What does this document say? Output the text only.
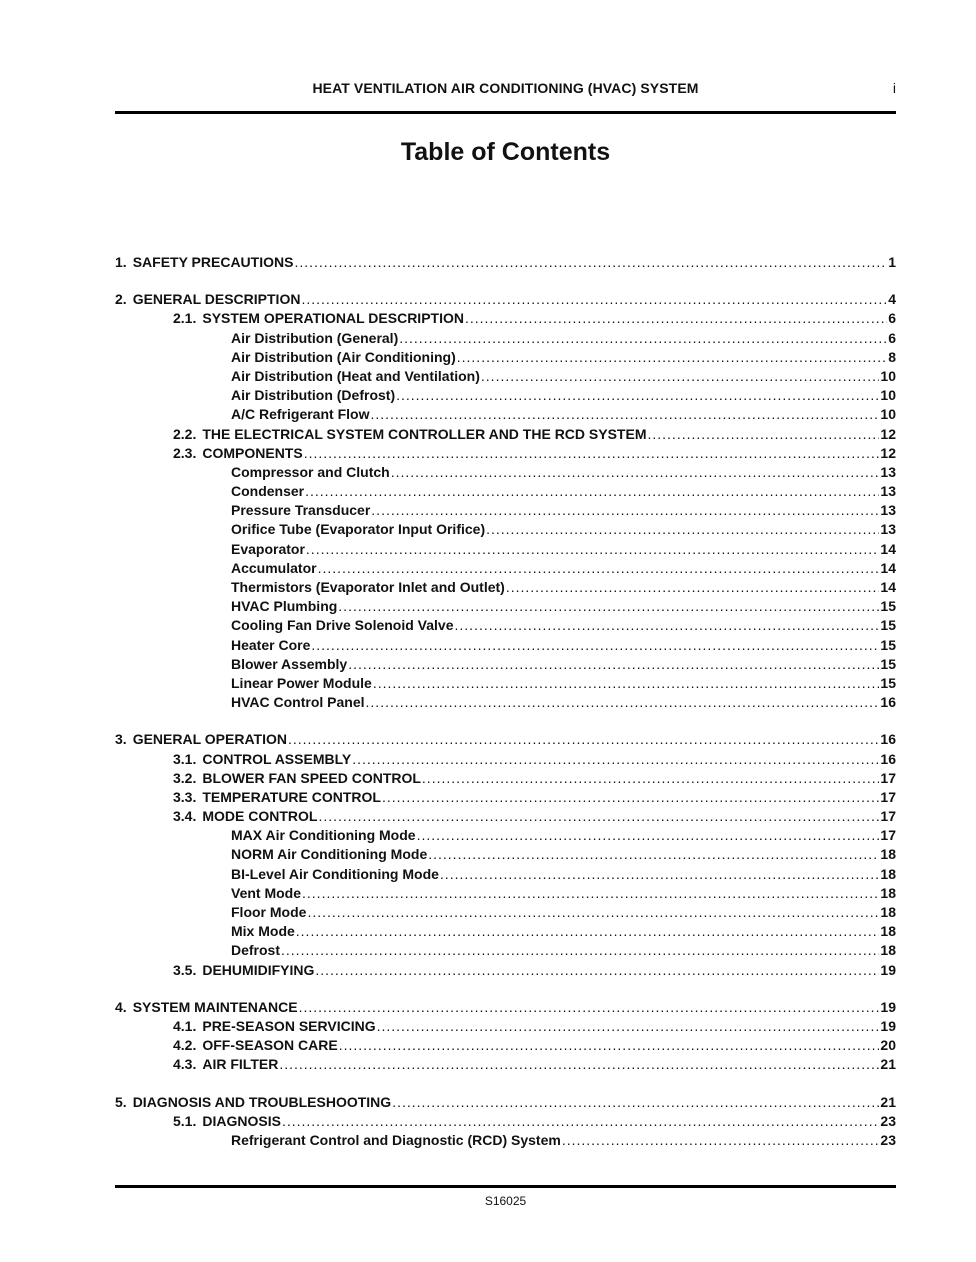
HEAT VENTILATION AIR CONDITIONING (HVAC) SYSTEM	i
Table of Contents
1. SAFETY PRECAUTIONS .....	1
2. GENERAL DESCRIPTION .....	4
2.1. SYSTEM OPERATIONAL DESCRIPTION .....	6
Air Distribution (General) .....	6
Air Distribution (Air Conditioning) .....	8
Air Distribution (Heat and Ventilation) .....	10
Air Distribution (Defrost) .....	10
A/C Refrigerant Flow .....	10
2.2. THE ELECTRICAL SYSTEM CONTROLLER AND THE RCD SYSTEM .....	12
2.3. COMPONENTS .....	12
Compressor and Clutch .....	13
Condenser .....	13
Pressure Transducer .....	13
Orifice Tube (Evaporator Input Orifice) .....	13
Evaporator .....	14
Accumulator .....	14
Thermistors (Evaporator Inlet and Outlet) .....	14
HVAC Plumbing .....	15
Cooling Fan Drive Solenoid Valve .....	15
Heater Core .....	15
Blower Assembly .....	15
Linear Power Module .....	15
HVAC Control Panel .....	16
3. GENERAL OPERATION .....	16
3.1. CONTROL ASSEMBLY .....	16
3.2. BLOWER FAN SPEED CONTROL .....	17
3.3. TEMPERATURE CONTROL .....	17
3.4. MODE CONTROL .....	17
MAX Air Conditioning Mode .....	17
NORM Air Conditioning Mode .....	18
BI-Level Air Conditioning Mode .....	18
Vent Mode .....	18
Floor Mode .....	18
Mix Mode .....	18
Defrost .....	18
3.5. DEHUMIDIFYING .....	19
4. SYSTEM MAINTENANCE .....	19
4.1. PRE-SEASON SERVICING .....	19
4.2. OFF-SEASON CARE .....	20
4.3. AIR FILTER .....	21
5. DIAGNOSIS AND TROUBLESHOOTING .....	21
5.1. DIAGNOSIS .....	23
Refrigerant Control and Diagnostic (RCD) System .....	23
S16025
